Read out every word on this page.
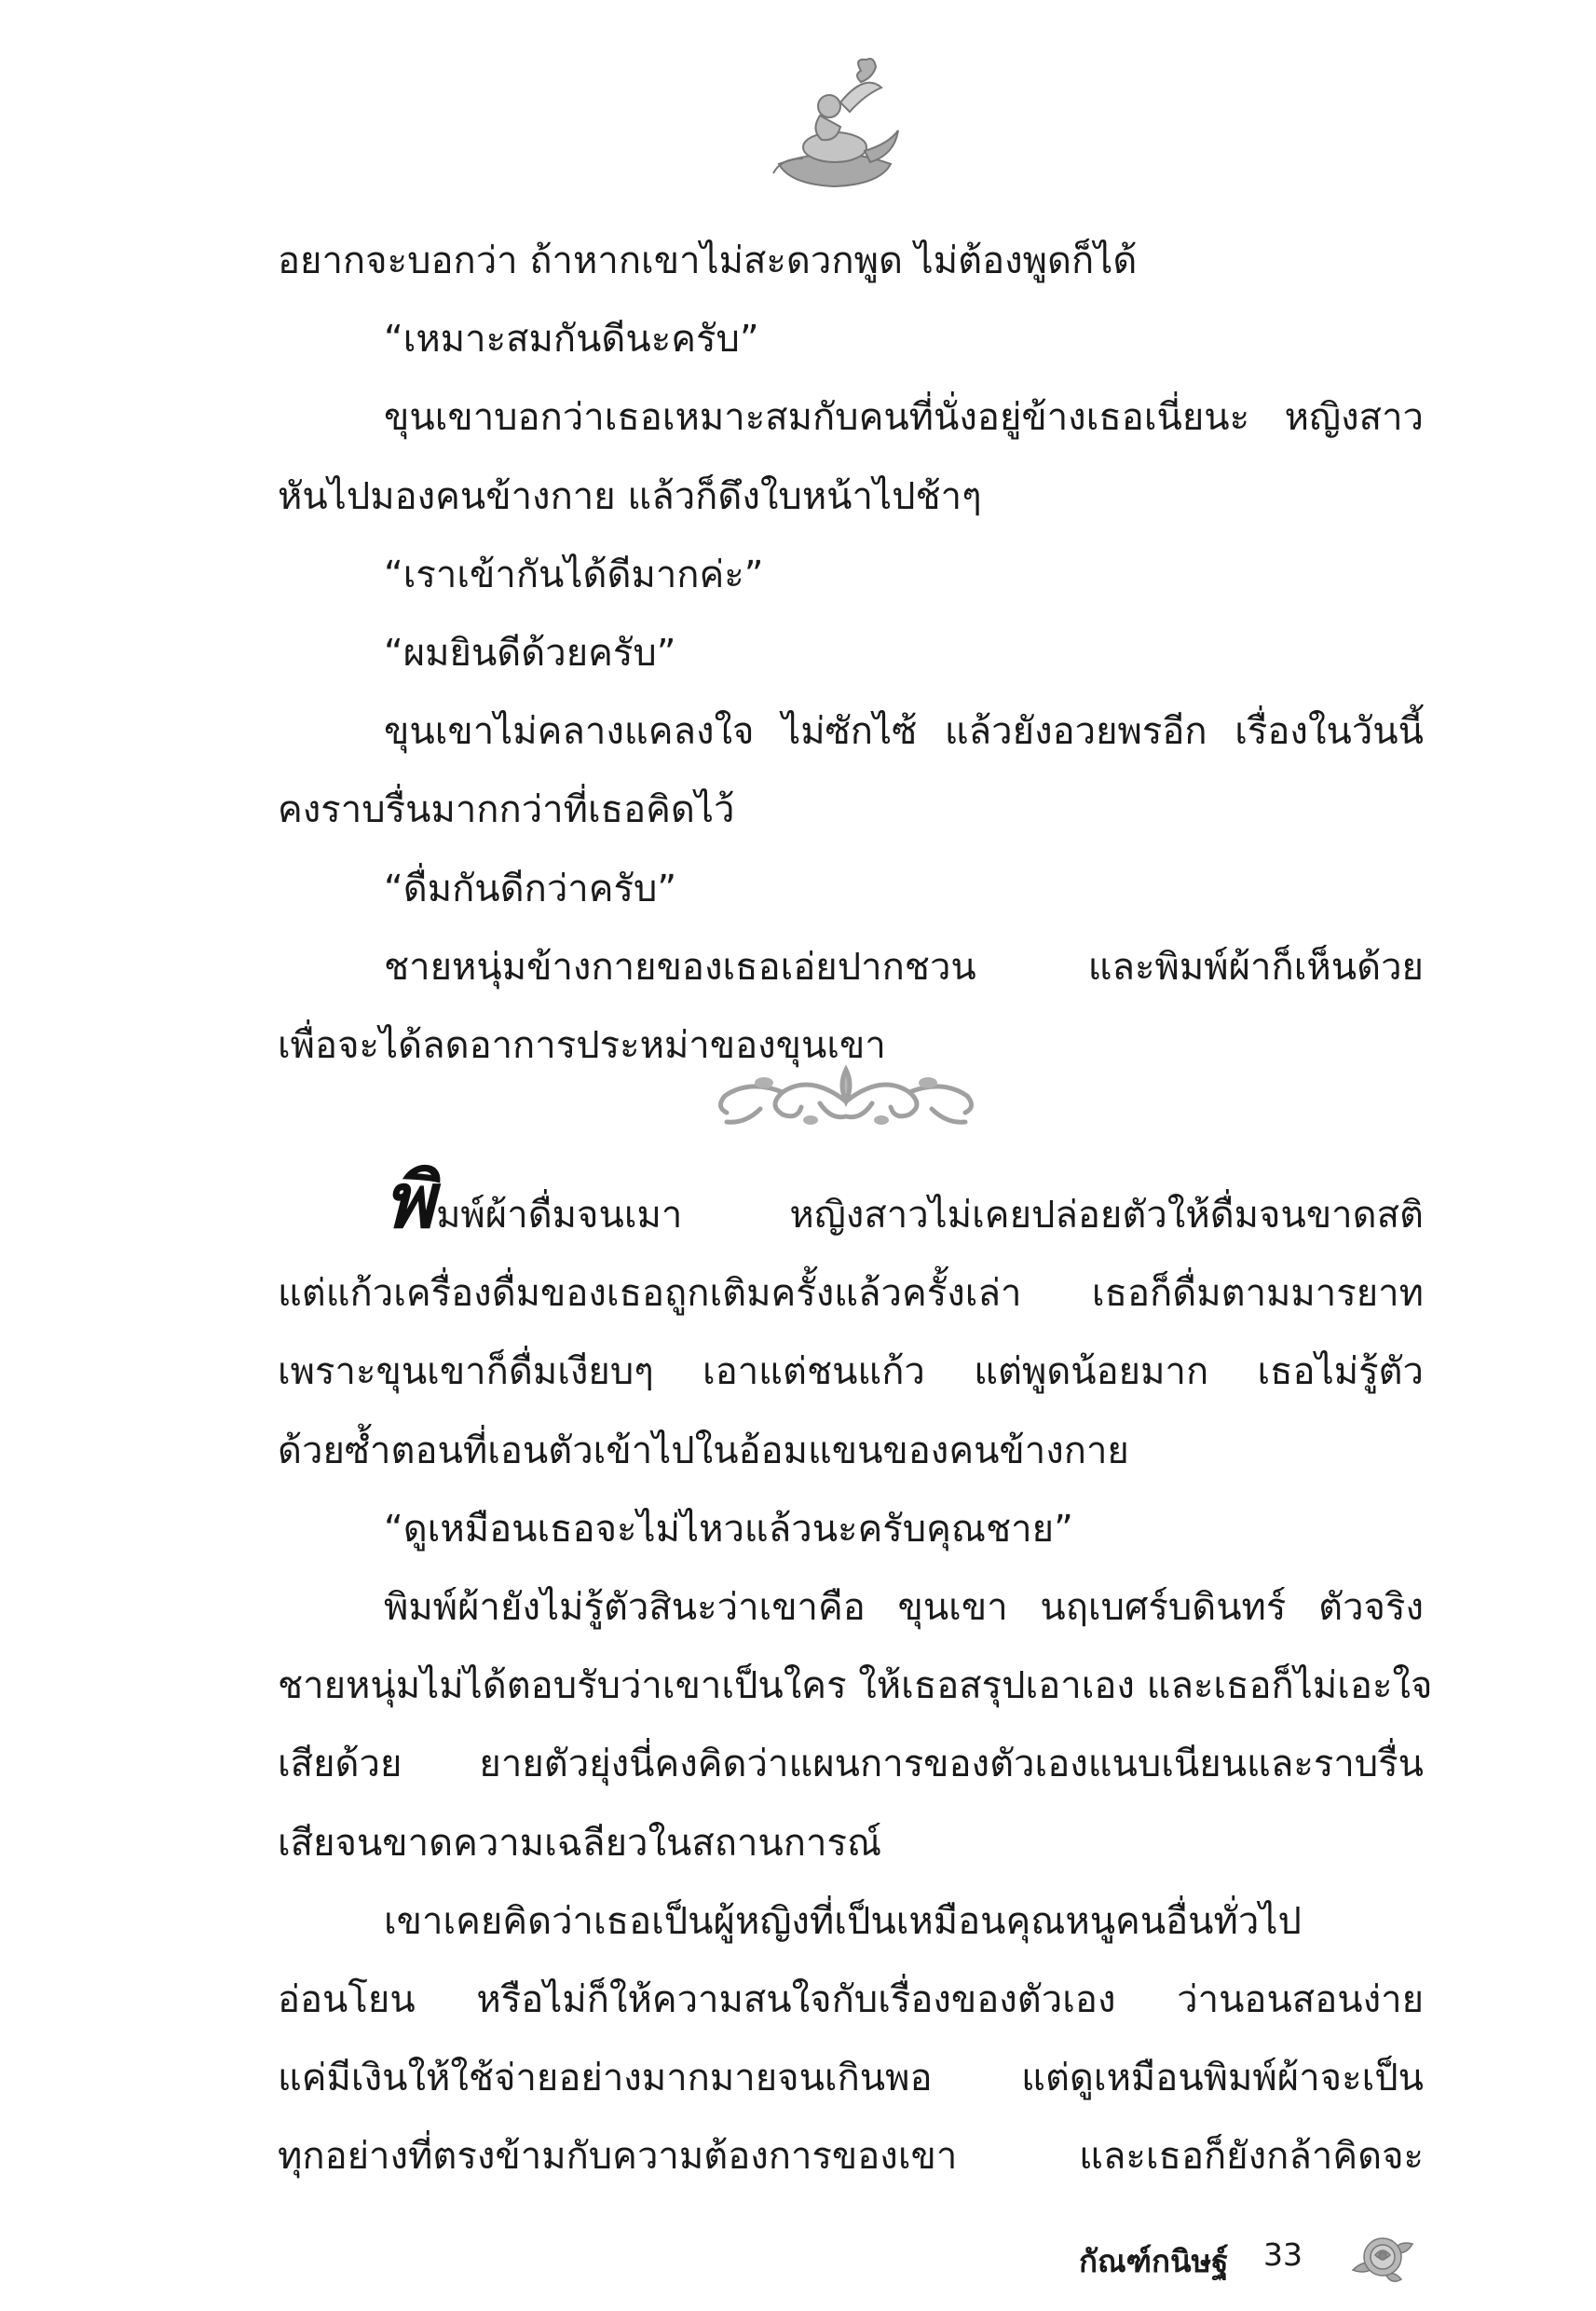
อยากจะบอกว่า ถ้าหากเขาไม่สะดวกพูด ไม่ต้องพูดก็ได้
“เหมาะสมกันดีนะครับ”
ขุนเขาบอกว่าเธอเหมาะสมกับคนที่นั่งอยู่ข้างเธอเนี่ยนะ หญิงสาว
หันไปมองคนข้างกาย แล้วก็ดึงใบหน้าไปช้าๆ
“เราเข้ากันได้ดีมากค่ะ”
“ผมยินดีด้วยครับ”
ขุนเขาไม่คลางแคลงใจ ไม่ซักไซ้ แล้วยังอวยพรอีก เรื่องในวันนี้
คงราบรื่นมากกว่าที่เธอคิดไว้
“ดื่มกันดีกว่าครับ”
ชายหนุ่มข้างกายของเธอเอ่ยปากชวน และพิมพ์ผ้าก็เห็นด้วย
เพื่อจะได้ลดอาการประหม่าของขุนเขา
พิมพ์ผ้าดื่มจนเมา หญิงสาวไม่เคยปล่อยตัวให้ดื่มจนขาดสติ
แต่แก้วเครื่องดื่มของเธอถูกเติมครั้งแล้วครั้งเล่า เธอก็ดื่มตามมารยาท
เพราะขุนเขาก็ดื่มเงียบๆ เอาแต่ชนแก้ว แต่พูดน้อยมาก เธอไม่รู้ตัว
ด้วยซ้ำตอนที่เอนตัวเข้าไปในอ้อมแขนของคนข้างกาย
“ดูเหมือนเธอจะไม่ไหวแล้วนะครับคุณชาย”
พิมพ์ผ้ายังไม่รู้ตัวสินะว่าเขาคือ ขุนเขา นฤเบศร์บดินทร์ ตัวจริง
ชายหนุ่มไม่ได้ตอบรับว่าเขาเป็นใคร ให้เธอสรุปเอาเอง และเธอก็ไม่เอะใจ
เสียด้วย ยายตัวยุ่งนี่คงคิดว่าแผนการของตัวเองแนบเนียนและราบรื่น
เสียจนขาดความเฉลียวในสถานการณ์
เขาเคยคิดว่าเธอเป็นผู้หญิงที่เป็นเหมือนคุณหนูคนอื่นทั่วไป
อ่อนโยน หรือไม่ก็ให้ความสนใจกับเรื่องของตัวเอง ว่านอนสอนง่าย
แค่มีเงินให้ใช้จ่ายอย่างมากมายจนเกินพอ แต่ดูเหมือนพิมพ์ผ้าจะเป็น
ทุกอย่างที่ตรงข้ามกับความต้องการของเขา และเธอก็ยังกล้าคิดจะ
กัณฑ์กนิษฐ์ 33
